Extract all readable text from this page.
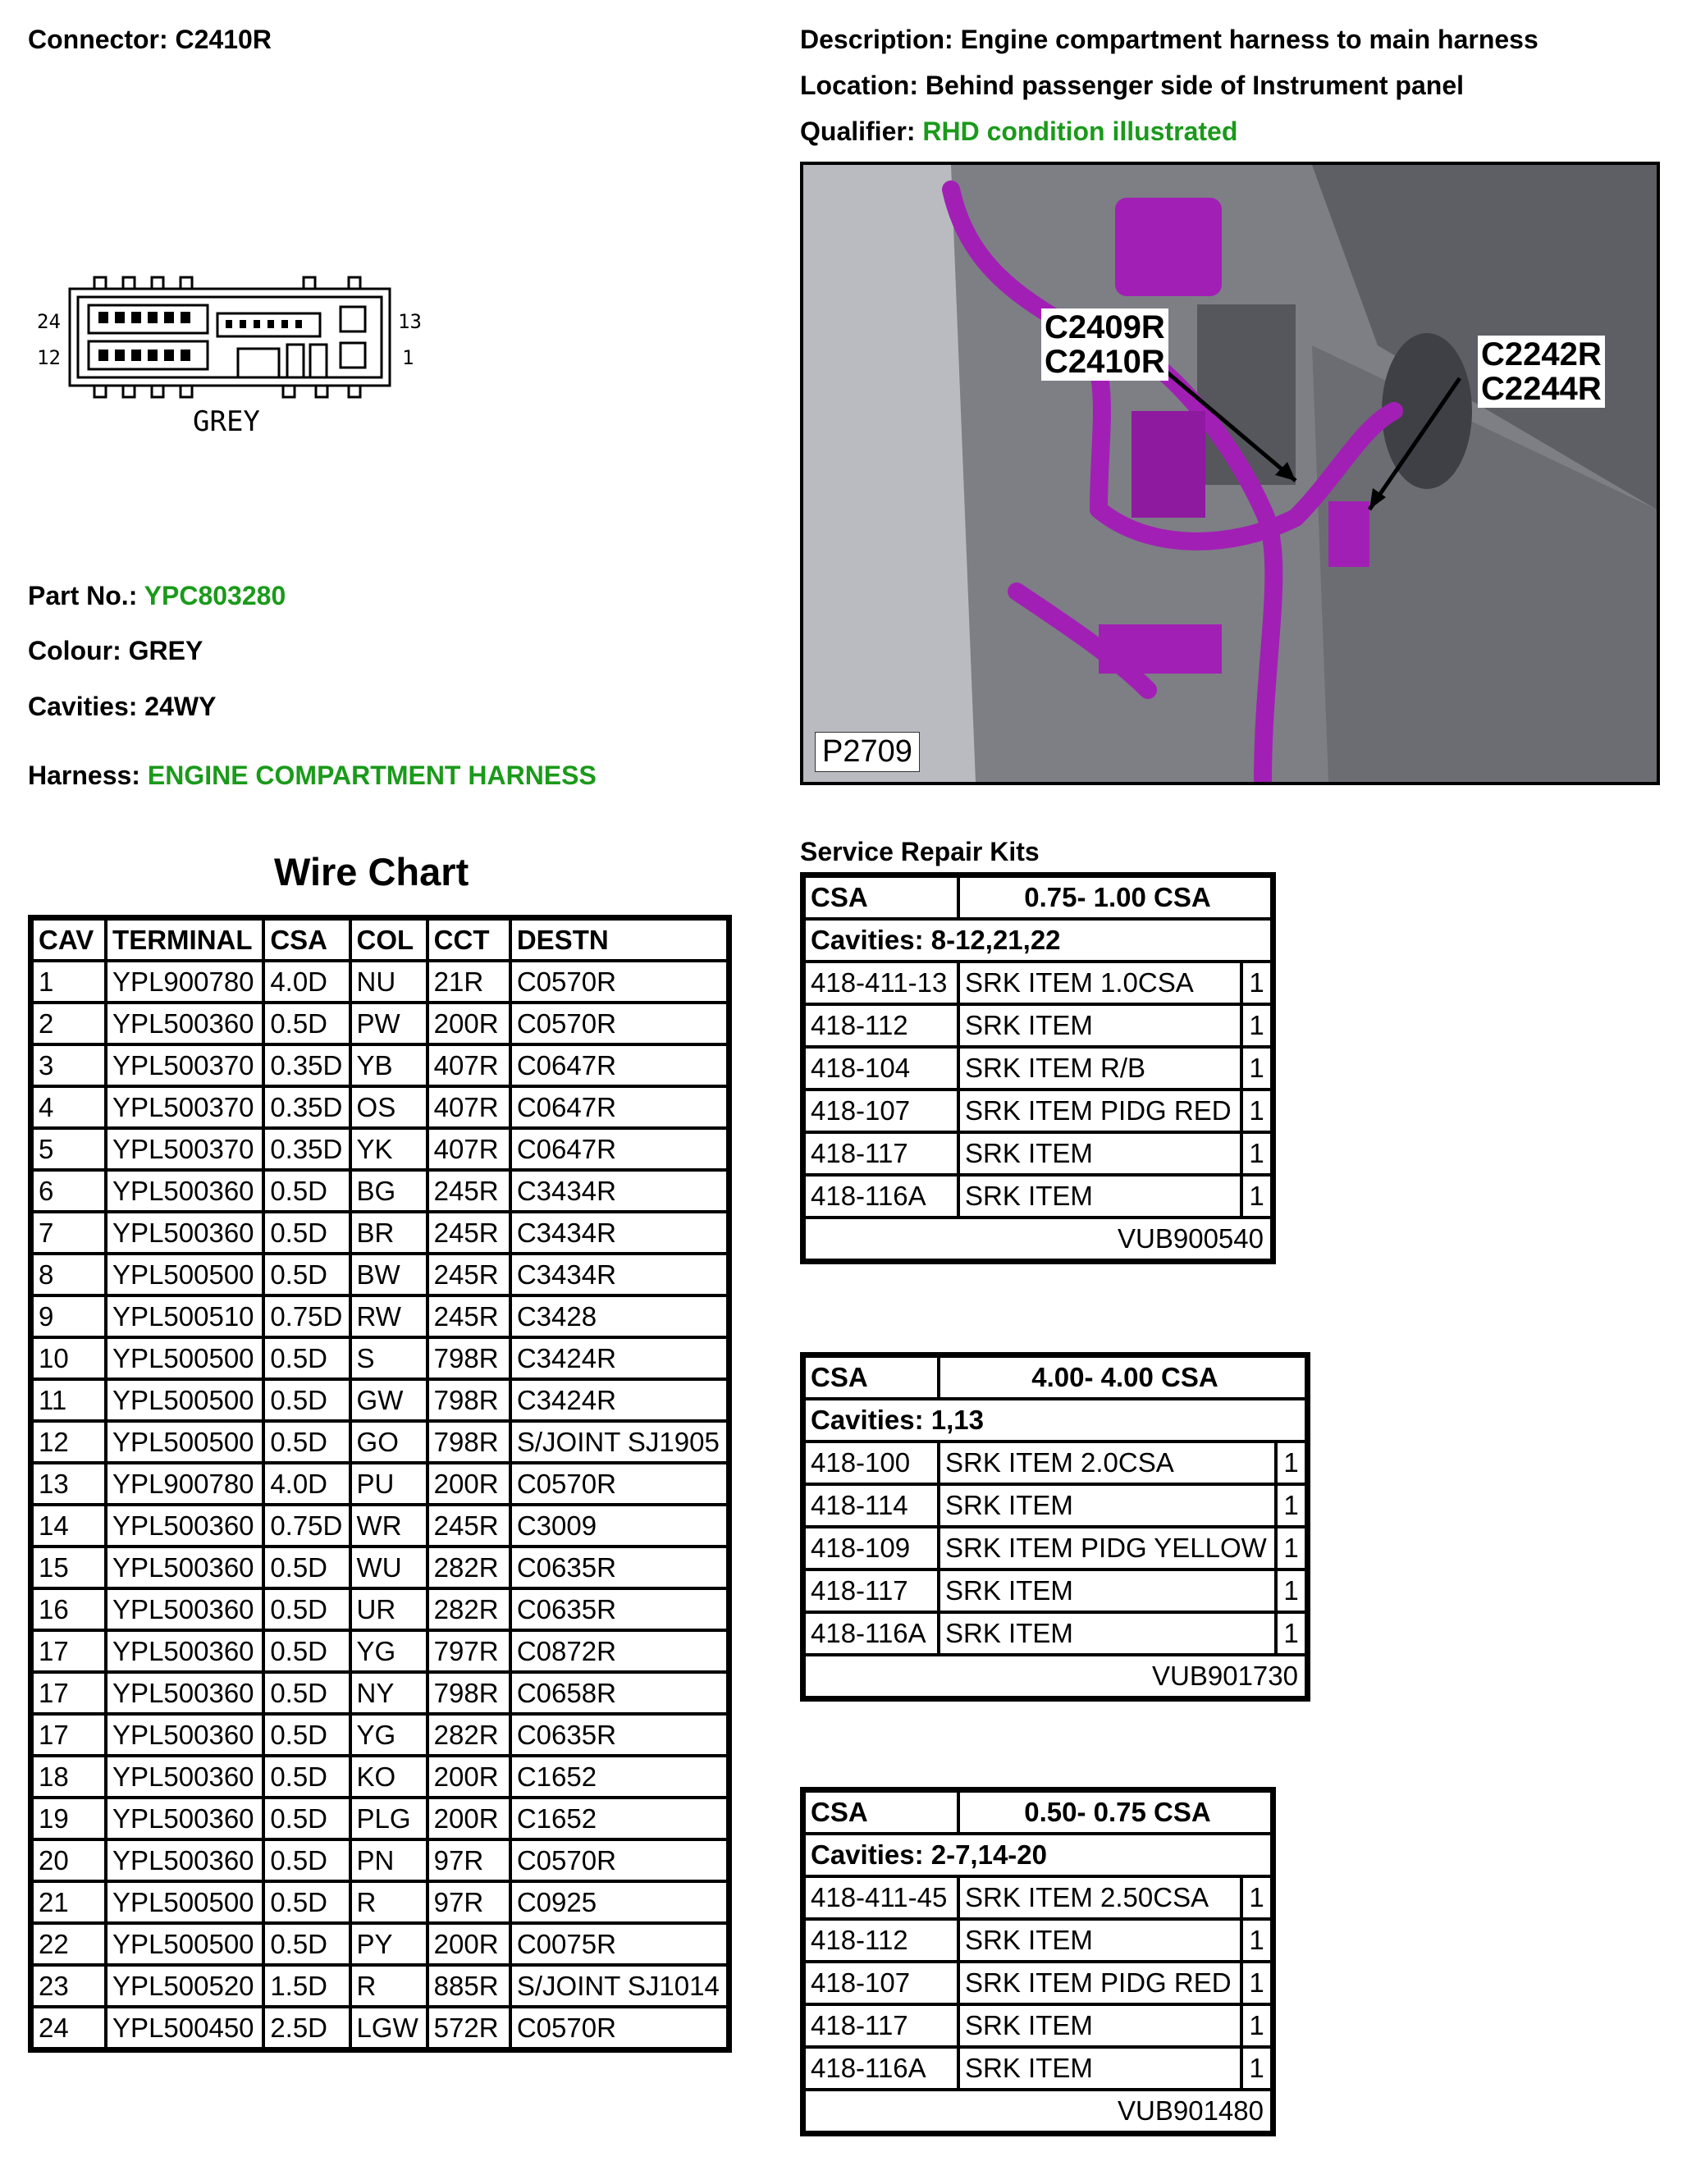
Connector: C2410R	Description: Engine compartment harness to main harness
Location: Behind passenger side of Instrument panel
Qualifier: RHD condition illustrated
24
12
13
1
GREY
Part No.: YPC803280
Colour: GREY
Cavities: 24WY
Harness: ENGINE COMPARTMENT HARNESS
C2409R
C2410R	C2242R
C2244R
P2709
Wire Chart
CAV	TERMINAL	CSA	COL	CCT	DESTN
1	YPL900780	4.0D	NU	21R	C0570R
2	YPL500360	0.5D	PW	200R	C0570R
3	YPL500370	0.35D	YB	407R	C0647R
4	YPL500370	0.35D	OS	407R	C0647R
5	YPL500370	0.35D	YK	407R	C0647R
6	YPL500360	0.5D	BG	245R	C3434R
7	YPL500360	0.5D	BR	245R	C3434R
8	YPL500500	0.5D	BW	245R	C3434R
9	YPL500510	0.75D	RW	245R	C3428
10	YPL500500	0.5D	S	798R	C3424R
11	YPL500500	0.5D	GW	798R	C3424R
12	YPL500500	0.5D	GO	798R	S/JOINT SJ1905
13	YPL900780	4.0D	PU	200R	C0570R
14	YPL500360	0.75D	WR	245R	C3009
15	YPL500360	0.5D	WU	282R	C0635R
16	YPL500360	0.5D	UR	282R	C0635R
17	YPL500360	0.5D	YG	797R	C0872R
17	YPL500360	0.5D	NY	798R	C0658R
17	YPL500360	0.5D	YG	282R	C0635R
18	YPL500360	0.5D	KO	200R	C1652
19	YPL500360	0.5D	PLG	200R	C1652
20	YPL500360	0.5D	PN	97R	C0570R
21	YPL500500	0.5D	R	97R	C0925
22	YPL500500	0.5D	PY	200R	C0075R
23	YPL500520	1.5D	R	885R	S/JOINT SJ1014
24	YPL500450	2.5D	LGW	572R	C0570R
Service Repair Kits
CSA	0.75- 1.00 CSA	
Cavities: 8-12,21,22		
418-411-13	SRK ITEM 1.0CSA	1
418-112	SRK ITEM	1
418-104	SRK ITEM R/B	1
418-107	SRK ITEM PIDG RED	1
418-117	SRK ITEM	1
418-116A	SRK ITEM	1
VUB900540		
CSA	4.00- 4.00 CSA	
Cavities: 1,13		
418-100	SRK ITEM 2.0CSA	1
418-114	SRK ITEM	1
418-109	SRK ITEM PIDG YELLOW	1
418-117	SRK ITEM	1
418-116A	SRK ITEM	1
VUB901730		
CSA	0.50- 0.75 CSA	
Cavities: 2-7,14-20		
418-411-45	SRK ITEM 2.50CSA	1
418-112	SRK ITEM	1
418-107	SRK ITEM PIDG RED	1
418-117	SRK ITEM	1
418-116A	SRK ITEM	1
VUB901480		
